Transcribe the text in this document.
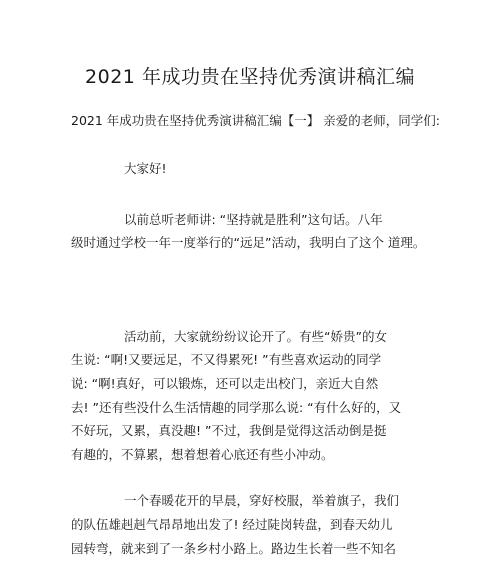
2021 年成功贵在坚持优秀演讲稿汇编
2021 年成功贵在坚持优秀演讲稿汇编【一】 亲爱的老师，同学们:
大家好!
以前总听老师讲: “坚持就是胜利”这句话。八年
级时通过学校一年一度举行的“远足”活动，我明白了这个 道理。
活动前，大家就纷纷议论开了。有些“娇贵”的女
生说: “啊!又要远足，不又得累死! ”有些喜欢运动的同学
说: “啊!真好，可以锻炼，还可以走出校门，亲近大自然
去! ”还有些没什么生活情趣的同学那么说: “有什么好的，又
不好玩，又累，真没趣! ”不过，我倒是觉得这活动倒是挺
有趣的，不算累，想着想着心底还有些小冲动。
一个春暖花开的早晨，穿好校服，举着旗子，我们
的队伍雄赳赳气昂昂地出发了! 经过陡岗转盘，到春天幼儿
园转弯，就来到了一条乡村小路上。路边生长着一些不知名
